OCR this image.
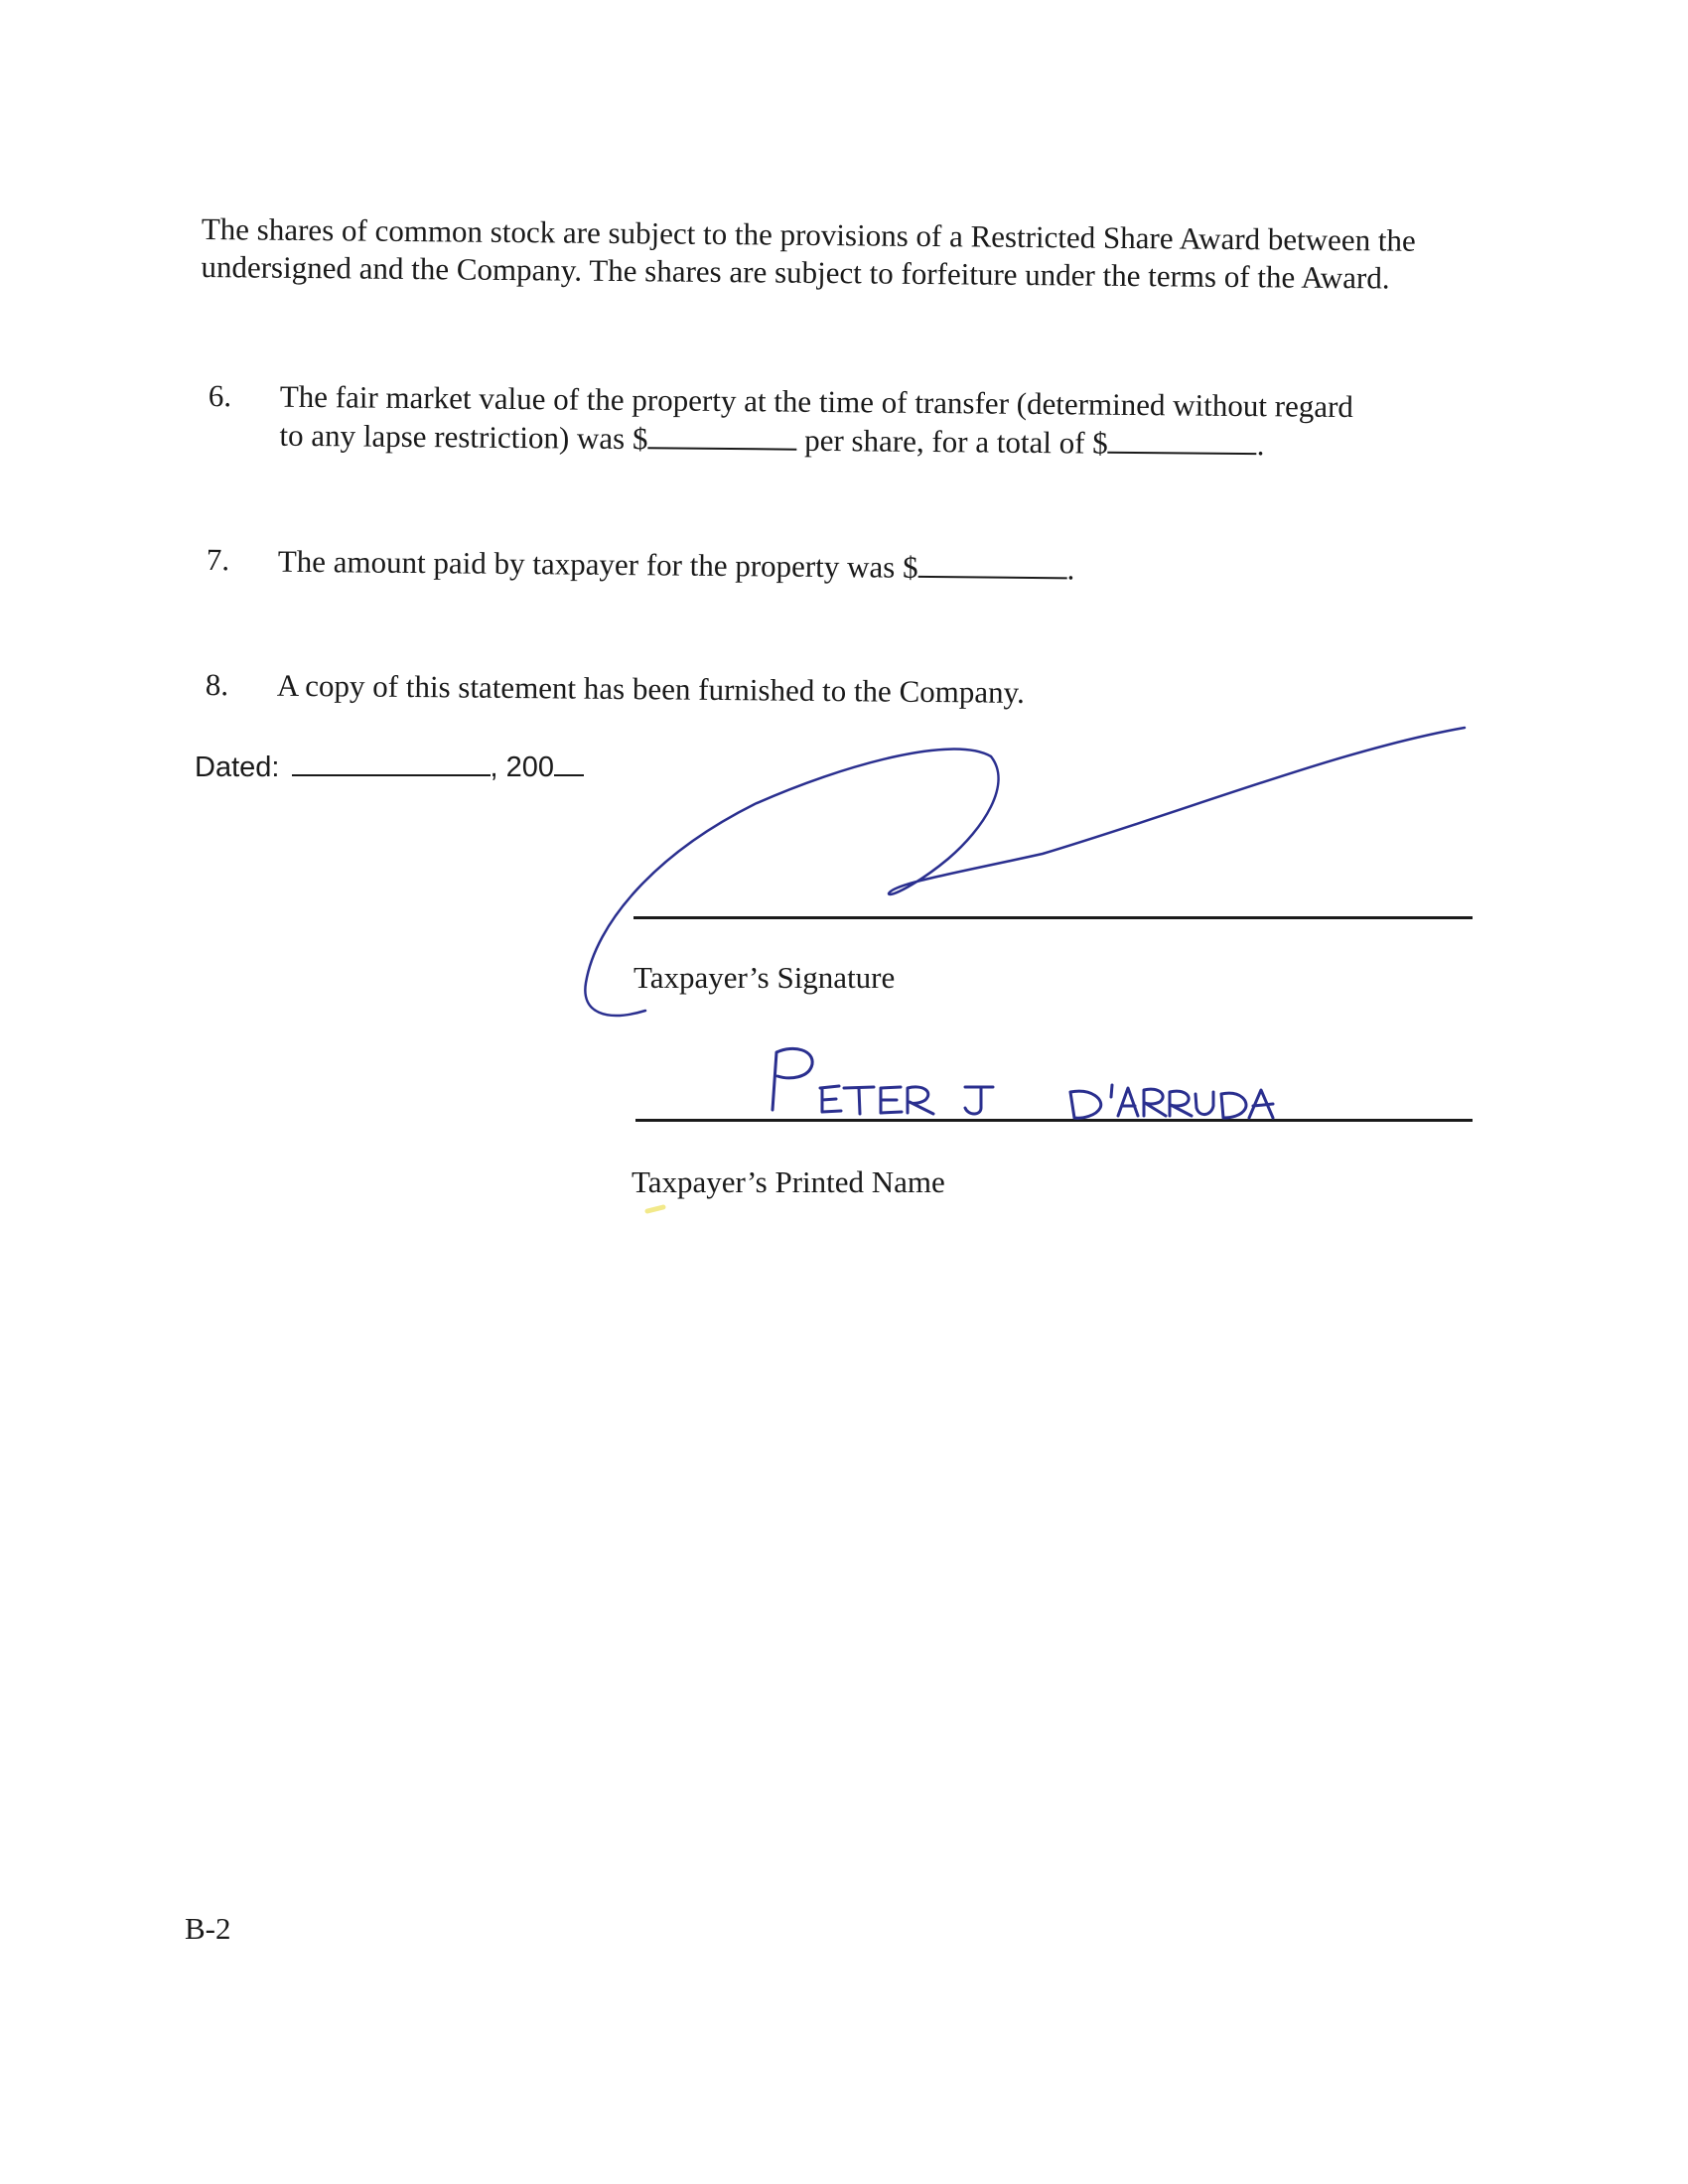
The shares of common stock are subject to the provisions of a Restricted Share Award between the undersigned and the Company. The shares are subject to forfeiture under the terms of the Award.

6. The fair market value of the property at the time of transfer (determined without regard
to any lapse restriction) was $	per share, for a total of $	.
7. The amount paid by taxpayer for the property was $	.
8. A copy of this statement has been furnished to the Company.
Dated:	, 200
Taxpayer’s Signature
Taxpayer’s Printed Name
B-2
